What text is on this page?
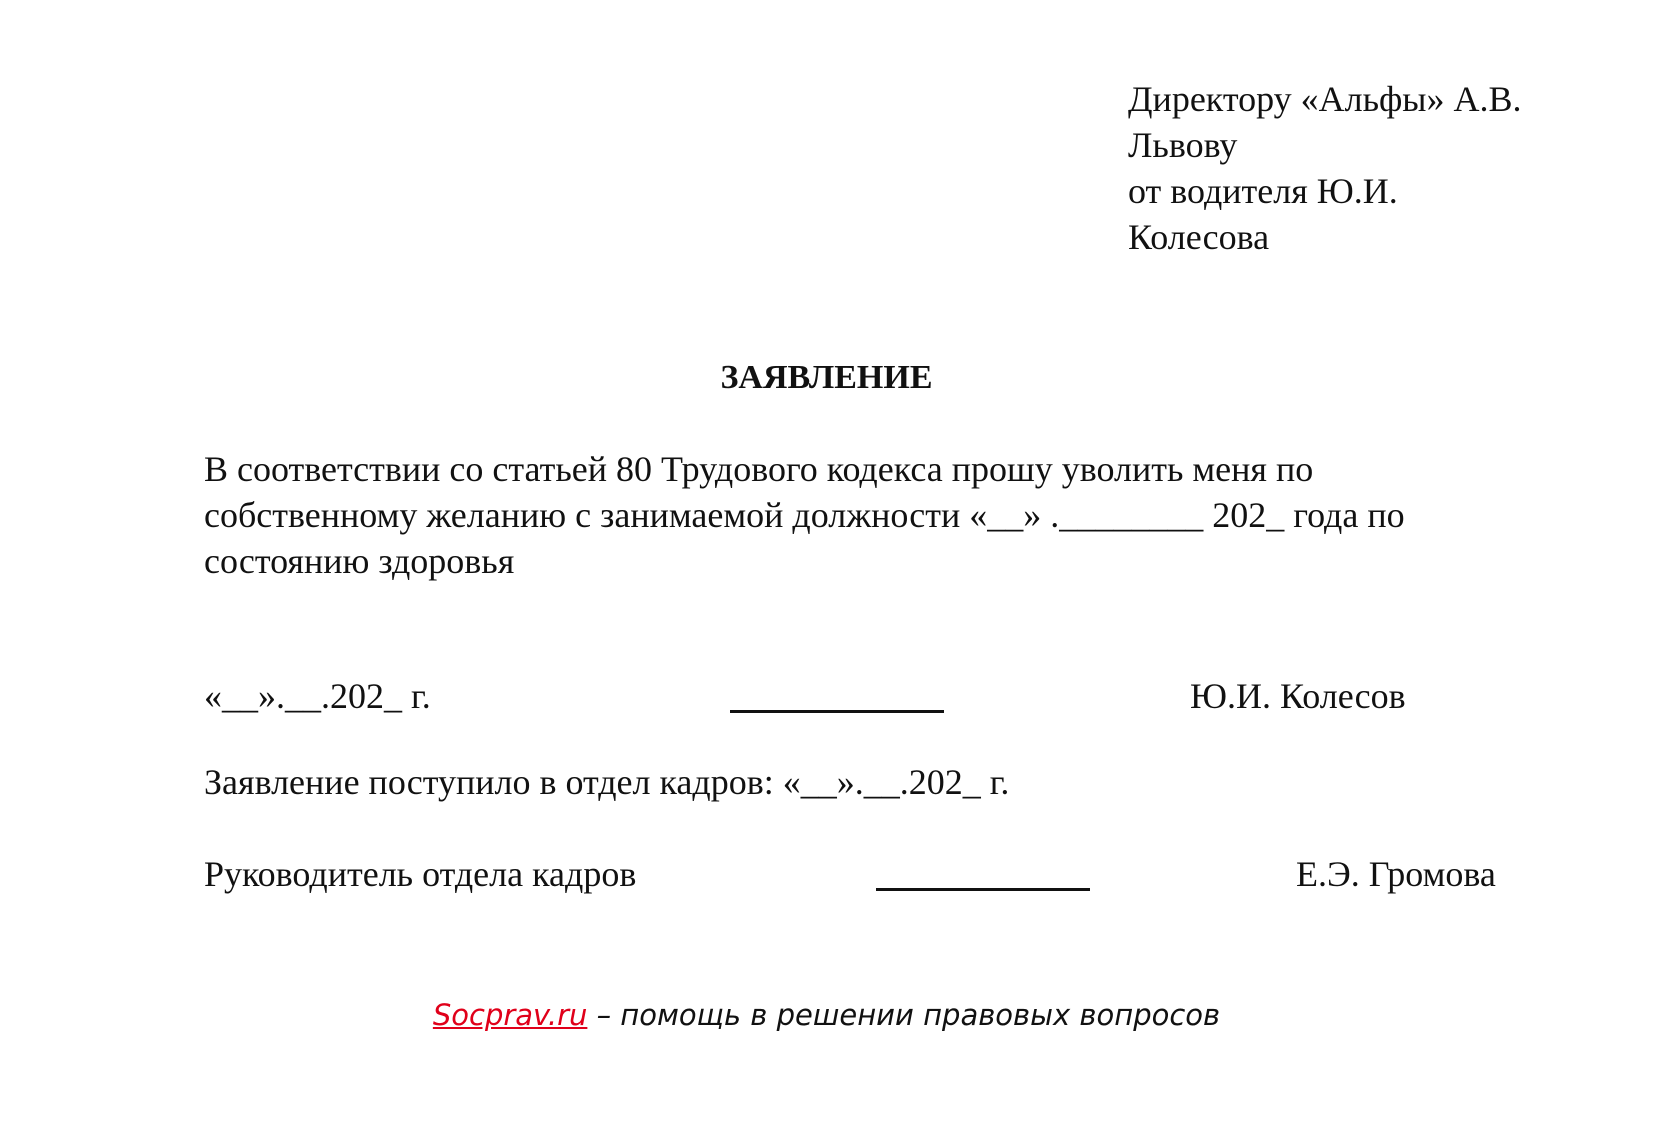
Директору «Альфы» А.В.
Львову
от водителя Ю.И.
Колесова
ЗАЯВЛЕНИЕ
В соответствии со статьей 80 Трудового кодекса прошу уволить меня по
собственному желанию с занимаемой должности «__» .________ 202_ года по
состоянию здоровья
«__».__.202_ г.	Ю.И. Колесов
Заявление поступило в отдел кадров: «__».__.202_ г.
Руководитель отдела кадров	Е.Э. Громова
Socprav.ru – помощь в решении правовых вопросов
